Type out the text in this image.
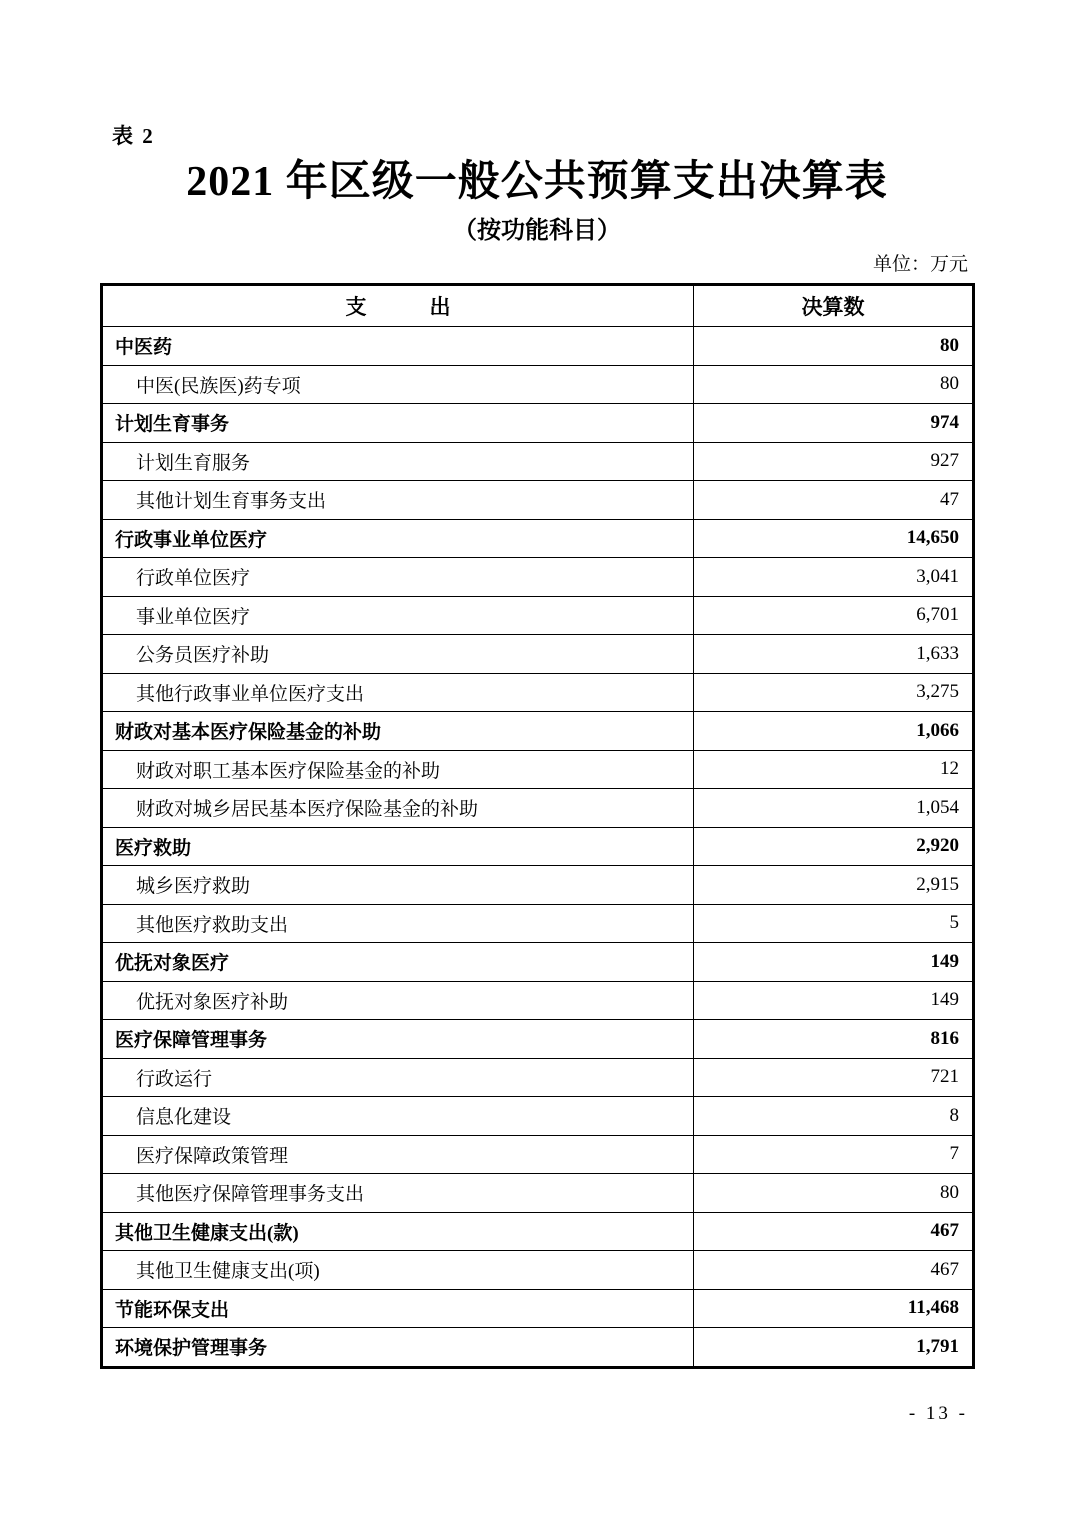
表 2
2021 年区级一般公共预算支出决算表
（按功能科目）
单位：万元
支　　　出	决算数
中医药	80
中医(民族医)药专项	80
计划生育事务	974
计划生育服务	927
其他计划生育事务支出	47
行政事业单位医疗	14,650
行政单位医疗	3,041
事业单位医疗	6,701
公务员医疗补助	1,633
其他行政事业单位医疗支出	3,275
财政对基本医疗保险基金的补助	1,066
财政对职工基本医疗保险基金的补助	12
财政对城乡居民基本医疗保险基金的补助	1,054
医疗救助	2,920
城乡医疗救助	2,915
其他医疗救助支出	5
优抚对象医疗	149
优抚对象医疗补助	149
医疗保障管理事务	816
行政运行	721
信息化建设	8
医疗保障政策管理	7
其他医疗保障管理事务支出	80
其他卫生健康支出(款)	467
其他卫生健康支出(项)	467
节能环保支出	11,468
环境保护管理事务	1,791
- 13 -
